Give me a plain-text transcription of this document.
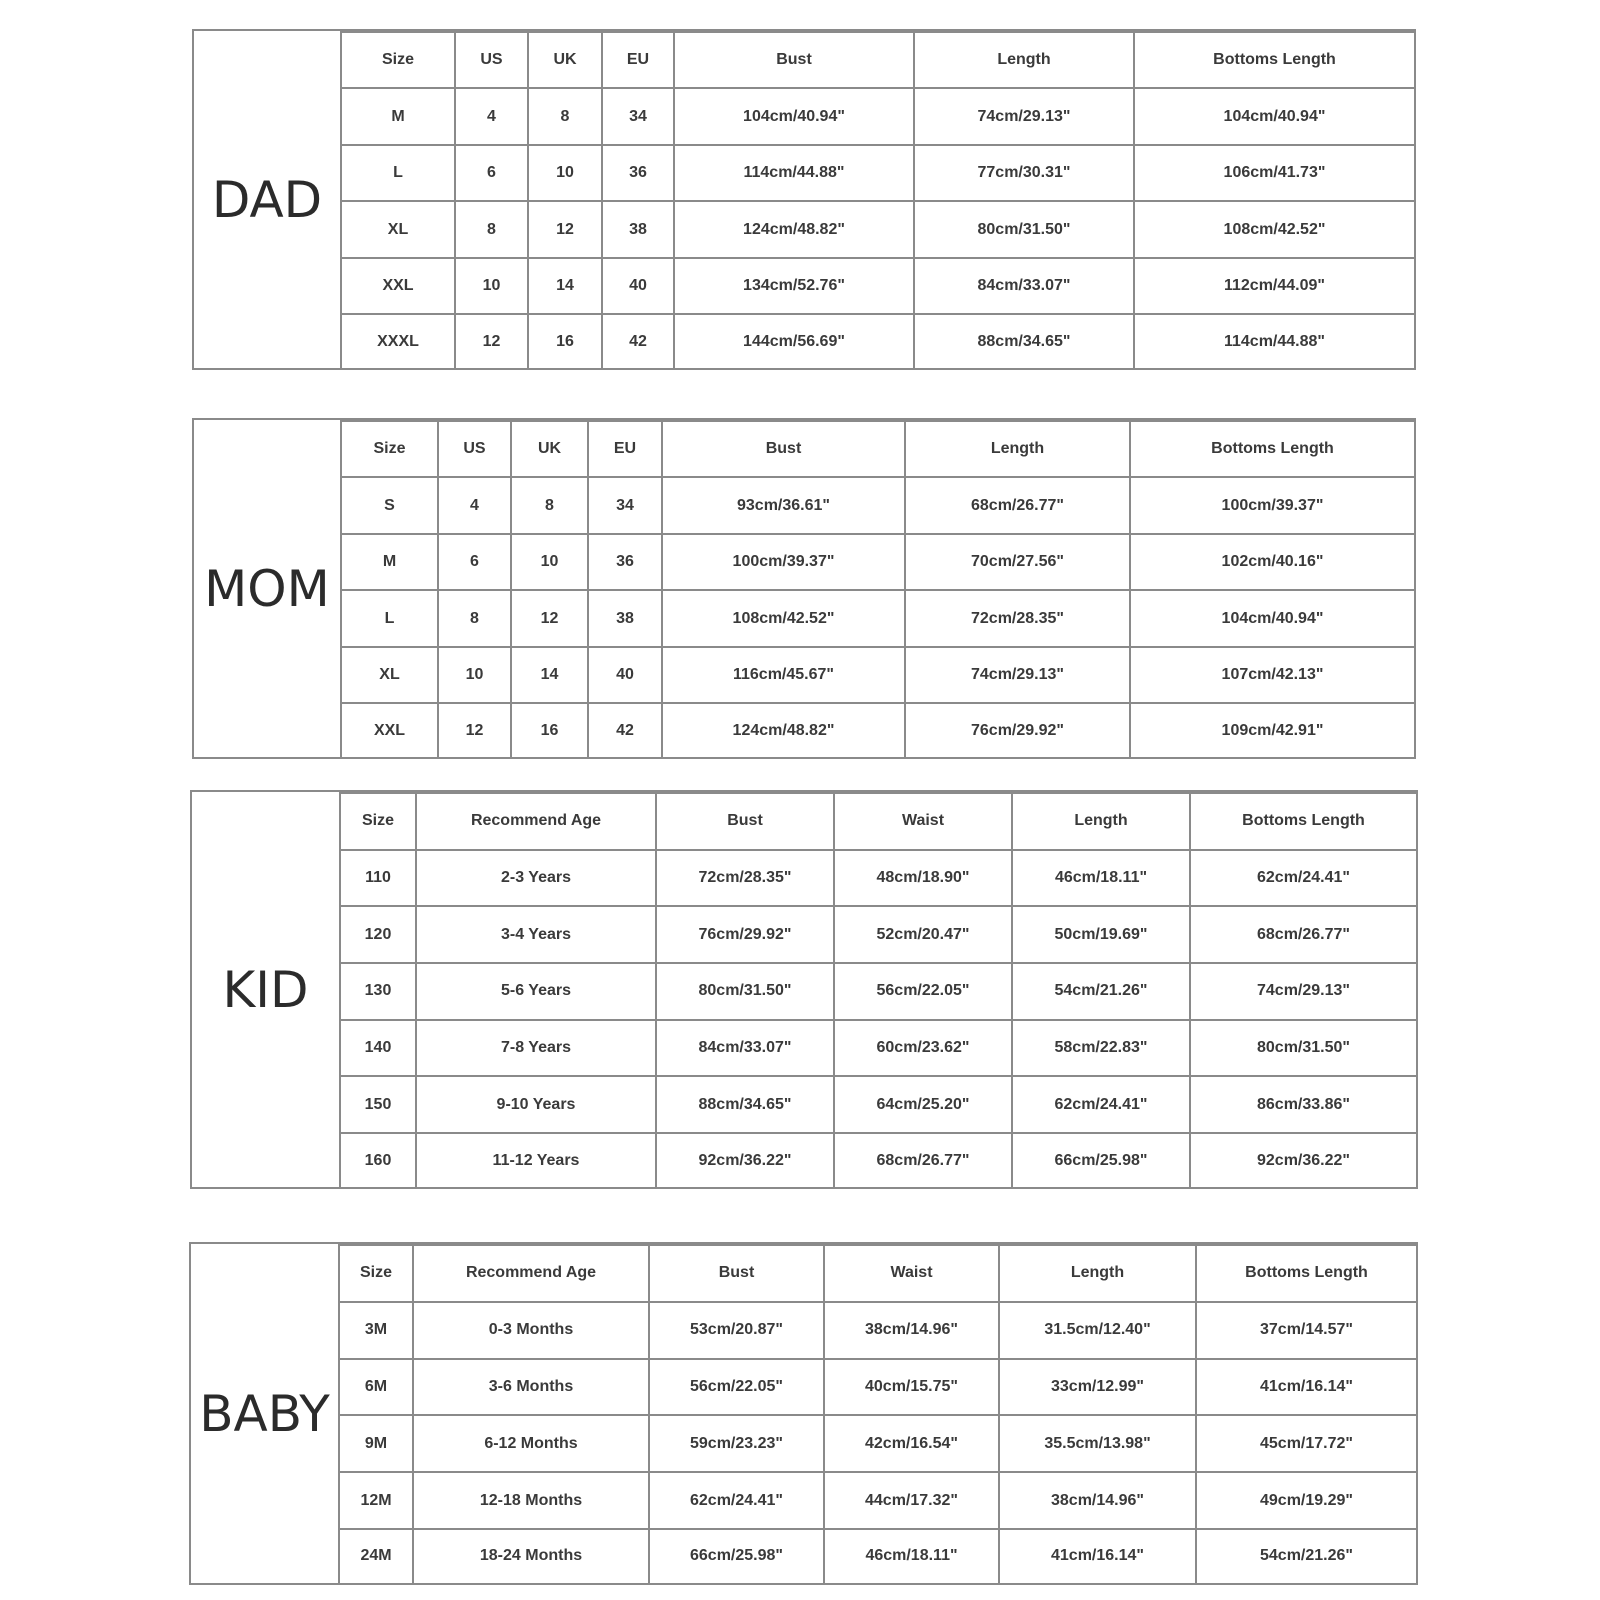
DAD
Size	US	UK	EU	Bust	Length	Bottoms Length
M	4	8	34	104cm/40.94"	74cm/29.13"	104cm/40.94"
L	6	10	36	114cm/44.88"	77cm/30.31"	106cm/41.73"
XL	8	12	38	124cm/48.82"	80cm/31.50"	108cm/42.52"
XXL	10	14	40	134cm/52.76"	84cm/33.07"	112cm/44.09"
XXXL	12	16	42	144cm/56.69"	88cm/34.65"	114cm/44.88"
MOM
Size	US	UK	EU	Bust	Length	Bottoms Length
S	4	8	34	93cm/36.61"	68cm/26.77"	100cm/39.37"
M	6	10	36	100cm/39.37"	70cm/27.56"	102cm/40.16"
L	8	12	38	108cm/42.52"	72cm/28.35"	104cm/40.94"
XL	10	14	40	116cm/45.67"	74cm/29.13"	107cm/42.13"
XXL	12	16	42	124cm/48.82"	76cm/29.92"	109cm/42.91"
KID
Size	Recommend Age	Bust	Waist	Length	Bottoms Length
110	2-3 Years	72cm/28.35"	48cm/18.90"	46cm/18.11"	62cm/24.41"
120	3-4 Years	76cm/29.92"	52cm/20.47"	50cm/19.69"	68cm/26.77"
130	5-6 Years	80cm/31.50"	56cm/22.05"	54cm/21.26"	74cm/29.13"
140	7-8 Years	84cm/33.07"	60cm/23.62"	58cm/22.83"	80cm/31.50"
150	9-10 Years	88cm/34.65"	64cm/25.20"	62cm/24.41"	86cm/33.86"
160	11-12 Years	92cm/36.22"	68cm/26.77"	66cm/25.98"	92cm/36.22"
BABY
Size	Recommend Age	Bust	Waist	Length	Bottoms Length
3M	0-3 Months	53cm/20.87"	38cm/14.96"	31.5cm/12.40"	37cm/14.57"
6M	3-6 Months	56cm/22.05"	40cm/15.75"	33cm/12.99"	41cm/16.14"
9M	6-12 Months	59cm/23.23"	42cm/16.54"	35.5cm/13.98"	45cm/17.72"
12M	12-18 Months	62cm/24.41"	44cm/17.32"	38cm/14.96"	49cm/19.29"
24M	18-24 Months	66cm/25.98"	46cm/18.11"	41cm/16.14"	54cm/21.26"
